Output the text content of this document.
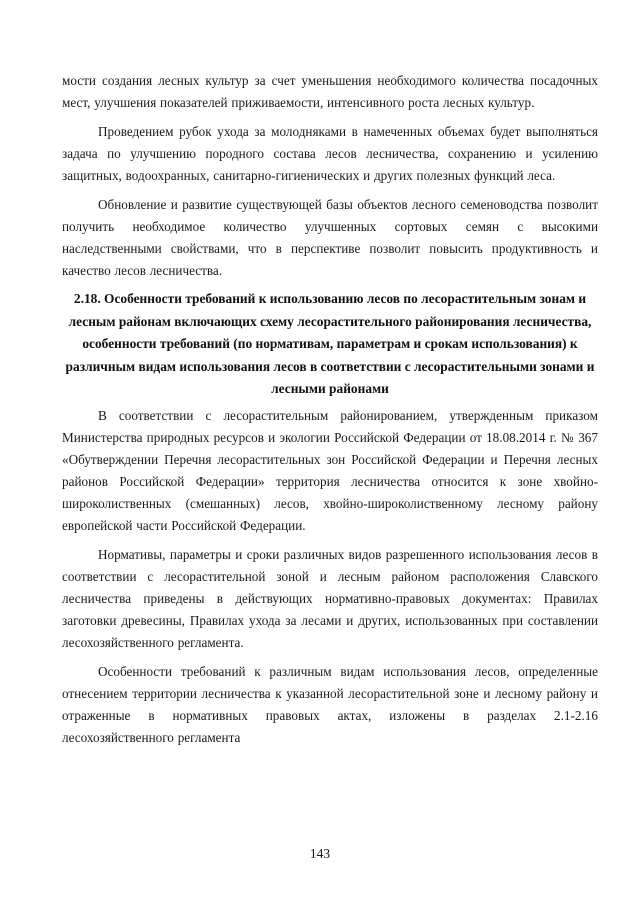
мости создания лесных культур за счет уменьшения необходимого количества посадочных мест, улучшения показателей приживаемости, интенсивного роста лесных культур.

Проведением рубок ухода за молодняками в намеченных объемах будет выполняться задача по улучшению породного состава лесов лесничества, сохранению и усилению защитных, водоохранных, санитарно-гигиенических и других полезных функций леса.

Обновление и развитие существующей базы объектов лесного семеноводства позволит получить необходимое количество улучшенных сортовых семян с высокими наследственными свойствами, что в перспективе позволит повысить продуктивность и качество лесов лесничества.

2.18. Особенности требований к использованию лесов по лесорастительным зонам и лесным районам включающих схему лесорастительного районирования лесничества, особенности требований (по нормативам, параметрам и срокам использования) к различным видам использования лесов в соответствии с лесорастительными зонами и лесными районами

В соответствии с лесорастительным районированием, утвержденным приказом Министерства природных ресурсов и экологии Российской Федерации от 18.08.2014 г. № 367 «Обутверждении Перечня лесорастительных зон Российской Федерации и Перечня лесных районов Российской Федерации» территория лесничества относится к зоне хвойно-широколиственных (смешанных) лесов, хвойно-широколиственному лесному району европейской части Российской Федерации.

Нормативы, параметры и сроки различных видов разрешенного использования лесов в соответствии с лесорастительной зоной и лесным районом расположения Славского лесничества приведены в действующих нормативно-правовых документах: Правилах заготовки древесины, Правилах ухода за лесами и других, использованных при составлении лесохозяйственного регламента.

Особенности требований к различным видам использования лесов, определенные отнесением территории лесничества к указанной лесорастительной зоне и лесному району и отраженные в нормативных правовых актах, изложены в разделах 2.1-2.16 лесохозяйственного регламента

143
